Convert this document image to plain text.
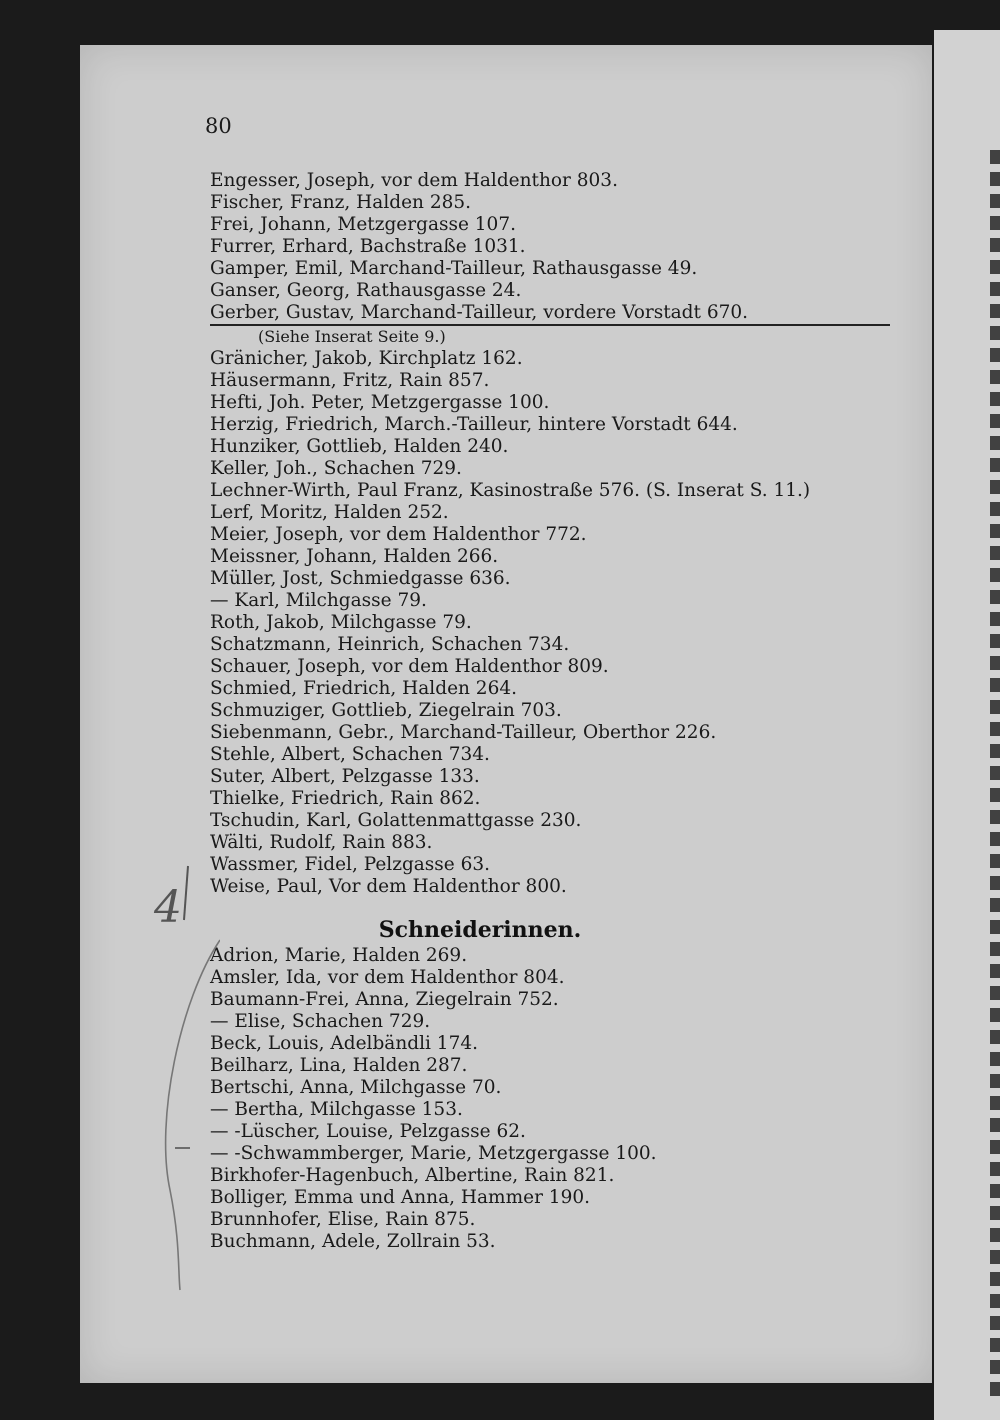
80
Engesser, Joseph, vor dem Haldenthor 803.
Fischer, Franz, Halden 285.
Frei, Johann, Metzgergasse 107.
Furrer, Erhard, Bachstraße 1031.
Gamper, Emil, Marchand-Tailleur, Rathausgasse 49.
Ganser, Georg, Rathausgasse 24.
Gerber, Gustav, Marchand-Tailleur, vordere Vorstadt 670.
(Siehe Inserat Seite 9.)
Gränicher, Jakob, Kirchplatz 162.
Häusermann, Fritz, Rain 857.
Hefti, Joh. Peter, Metzgergasse 100.
Herzig, Friedrich, March.-Tailleur, hintere Vorstadt 644.
Hunziker, Gottlieb, Halden 240.
Keller, Joh., Schachen 729.
Lechner-Wirth, Paul Franz, Kasinostraße 576. (S. Inserat S. 11.)
Lerf, Moritz, Halden 252.
Meier, Joseph, vor dem Haldenthor 772.
Meissner, Johann, Halden 266.
Müller, Jost, Schmiedgasse 636.
— Karl, Milchgasse 79.
Roth, Jakob, Milchgasse 79.
Schatzmann, Heinrich, Schachen 734.
Schauer, Joseph, vor dem Haldenthor 809.
Schmied, Friedrich, Halden 264.
Schmuziger, Gottlieb, Ziegelrain 703.
Siebenmann, Gebr., Marchand-Tailleur, Oberthor 226.
Stehle, Albert, Schachen 734.
Suter, Albert, Pelzgasse 133.
Thielke, Friedrich, Rain 862.
Tschudin, Karl, Golattenmattgasse 230.
Wälti, Rudolf, Rain 883.
Wassmer, Fidel, Pelzgasse 63.
Weise, Paul, Vor dem Haldenthor 800.
Schneiderinnen.
Adrion, Marie, Halden 269.
Amsler, Ida, vor dem Haldenthor 804.
Baumann-Frei, Anna, Ziegelrain 752.
— Elise, Schachen 729.
Beck, Louis, Adelbändli 174.
Beilharz, Lina, Halden 287.
Bertschi, Anna, Milchgasse 70.
— Bertha, Milchgasse 153.
— -Lüscher, Louise, Pelzgasse 62.
— -Schwammberger, Marie, Metzgergasse 100.
Birkhofer-Hagenbuch, Albertine, Rain 821.
Bolliger, Emma und Anna, Hammer 190.
Brunnhofer, Elise, Rain 875.
Buchmann, Adele, Zollrain 53.
4
